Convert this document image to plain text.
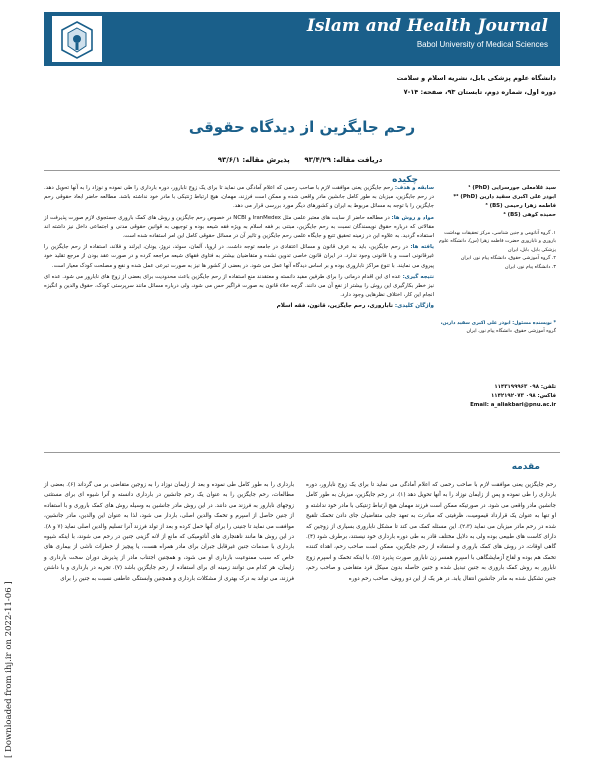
[ Downloaded from ihj.ir on 2022-11-06 ]
Islam and Health Journal
Babol University of Medical Sciences
دانشگاه علوم پزشکی بابل، نشریه اسلام و سلامت
دوره اول، شماره دوم، تابستان ۹۳، صفحه: ۱۴-۷
رحم جایگزین از دیدگاه حقوقی
دریافت مقاله: ۹۳/۴/۲۹      پذیرش مقاله: ۹۳/۶/۱
چکیده

سابقه و هدف: رحم جایگزین یعنی موافقت لازم با صاحب رحمی که اعلام آمادگی می نماید تا برای یک زوج نابارور، دوره بارداری را طی نموده و نوزاد را به آنها تحویل دهد. در رحم جایگزین، میزبان به طور کامل جانشین مادر واقعی شده و ممکن است فرزند، مهمان، هیچ ارتباط ژنتیکی با مادر خود نداشته باشد. مطالعه حاضر ابعاد حقوقی رحم جایگزین را با توجه به مسائل مربوط به ایران و کشورهای دیگر مورد بررسی قرار می دهد.

مواد و روش ها: در مطالعه حاضر از سایت های معتبر علمی مثل IranMedex و NCBI در خصوص رحم جایگزین و روش های کمک باروری جستجوی لازم صورت پذیرفت از مقالاتی که درباره حقوق نویسندگان نسبت به رحم جایگزین، مبتنی بر فقه اسلام به ویژه فقه شیعه بوده و توجیهی به قوانین حقوقی مدنی و اجتماعی داخل نیز داشته اند استفاده گردید. به علاوه این در زمینه تحقیق تتبع و جایگاه علمی رحم جایگزین و تاثیر آن در مسائل حقوقی کامل این امر استفاده شده است.

یافته ها: در رحم جایگزین، باید به عرف قانون و مسائل اعتقادی در جامعه توجه داشت. در اروپا، آلمان، سوئد، نروژ، یونان، ایرلند و فلاند، استفاده از رحم جایگزین را غیرقانونی است و یا قانونی وجود ندارد. در ایران قانون خاصی تدوین نشده و متقاضیان بیشتر به فتاوی فقهای شیعه مراجعه کرده و در صورت عقد بودن از مرجع تقلید خود پیروی می نمایند. با تنوع مراکز ناباروری بوده و بر اساس دیدگاه آنها عمل می شود. در بعضی از کشور ها نیز به صورت تبرعی عمل شده و نفع و مصلحت کودک معیار است.

نتیجه گیری: عده ای این اقدام درمانی را برای طرفین مفید دانسته و معتقدند منع استفاده از رحم جایگزین باعث محدودیت برای بعضی از زوج های نابارور می شود. عده ای نیز خطر بکارگیری این روش را بیشتر از نفع آن می دانند. گرچه خلاء قانون به صورت فراگیر حس می شود، ولی درباره مسائل مانند سرپرستی کودک، حقوق والدین و انگیزه انجام این کار، اختلاف نظرهایی وجود دارد.

واژگان کلیدی: ناباروری، رحم جایگزین، قانون، فقه اسلام
سید غلامعلی جورسرایی (PhD) ¹
ابوذر علی اکبری سقید دارین (PhD) ²*
فاطمه زهرا رحیمی (BS) ³
حمیده کوهی (BS) ⁴
۱. گروه آناتومی و جنین شناسی، مرکز تحقیقات بهداشت باروری و ناباروری حضرت فاطمه زهرا (س)، دانشگاه علوم پزشکی بابل، بابل، ایران
۲. گروه آموزشی حقوق، دانشگاه پیام نور، ایران
۳. دانشگاه پیام نور، ایران
* نویسنده مسئول: ابوذر علی اکبری سقید دارین، گروه آموزشی حقوق، دانشگاه پیام نور، ایران
تلفن: ۰۹۸ ۱۱۴۳۱۹۹۹۶۳
فاکس: ۰۹۸ ۱۱۴۲۱۹۲۰۷۳
Email: a_aliakbari@pnu.ac.ir
مقدمه

رحم جایگزین یعنی موافقت لازم با صاحب رحمی که اعلام آمادگی می نماید تا برای یک زوج نابارور، دوره بارداری را طی نموده و پس از زایمان نوزاد را به آنها تحویل دهد (۱). در رحم جایگزین، میزبان به طور کامل جانشین مادر واقعی می شود. در صورتیکه ممکن است فرزند مهمان هیچ ارتباط ژنتیکی با مادر خود نداشته و او تنها به عنوان یک قرارداد قیمومیت، ظرفیتی که مبادرت به تعهد جایی متقاضیان جای دادن تخمک تلقیح شده در رحم مادر میزبان می نماید (۲،۳). این مسئله کمک می کند تا مشکل ناباروری بسیاری از زوجین که دارای کاست های طبیعی بوده ولی به دلایل مختلف قادر به طی دوره بارداری خود نیستند، برطرف شود (۴). گاهی اوقات، در روش های کمک باروری و استفاده از رحم جایگزین، ممکن است صاحب رحم، اهداء کننده تخمک هم بوده و لقاح آزمایشگاهی با اسپرم همسر زن نابارور صورت پذیرد (۵). با اینکه تخمک و اسپرم زوج نابارور به روش کمک باروری به جنین تبدیل شده و جنین حاصله بدون سیکل فرد متقاضی و صاحب رحم، جنین تشکیل شده به مادر جانشین انتقال یابد. در هر یک از این دو روش، صاحب رحم دوره

بارداری را به طور کامل طی نموده و بعد از زایمان نوزاد را به زوجین متقاضی بر می گرداند (۶). بعضی از مطالعات، رحم جایگزین را به عنوان یک رحم جانشین در بارداری دانسته و آنرا شیوه ای برای مستثنی زوجهای نابارور به فرزند می دانند. در این روش مادر جانشین به وسیله روش های کمک باروری و با استفاده از جنین حاصل از اسپرم و تخمک والدین اصلی، باردار می شود، لذا به عنوان این والدین، مادر جانشین، موافقت می نماید تا جنینی را برای آنها حمل کرده و بعد از تولد فرزند آنرا تسلیم والدین اصلی نماید (۷ و ۸). در این روش ها مانند ناهنجاری های آناتومیکی که مانع از لانه گزینی جنین در رحم می شوند، با اینکه شیوه بارداری با صدمات جنین غیرقابل جبران برای مادر همراه هست، یا پیچیز از خطرات ناشی از بیماری های خاص که سبب ممنوعیت بارداری او می شود، و همچنین اجتناب مادر از پذیرش دوران سخت بارداری و زایمان، هر کدام می توانند زمینه ای برای استفاده از رحم جایگزین باشد (۷). تجربه در بارداری و یا داشتن فرزند، می تواند به درک بهتری از مشکلات بارداری و همچنین وابستگی عاطفی نسبت به جنین را برای
